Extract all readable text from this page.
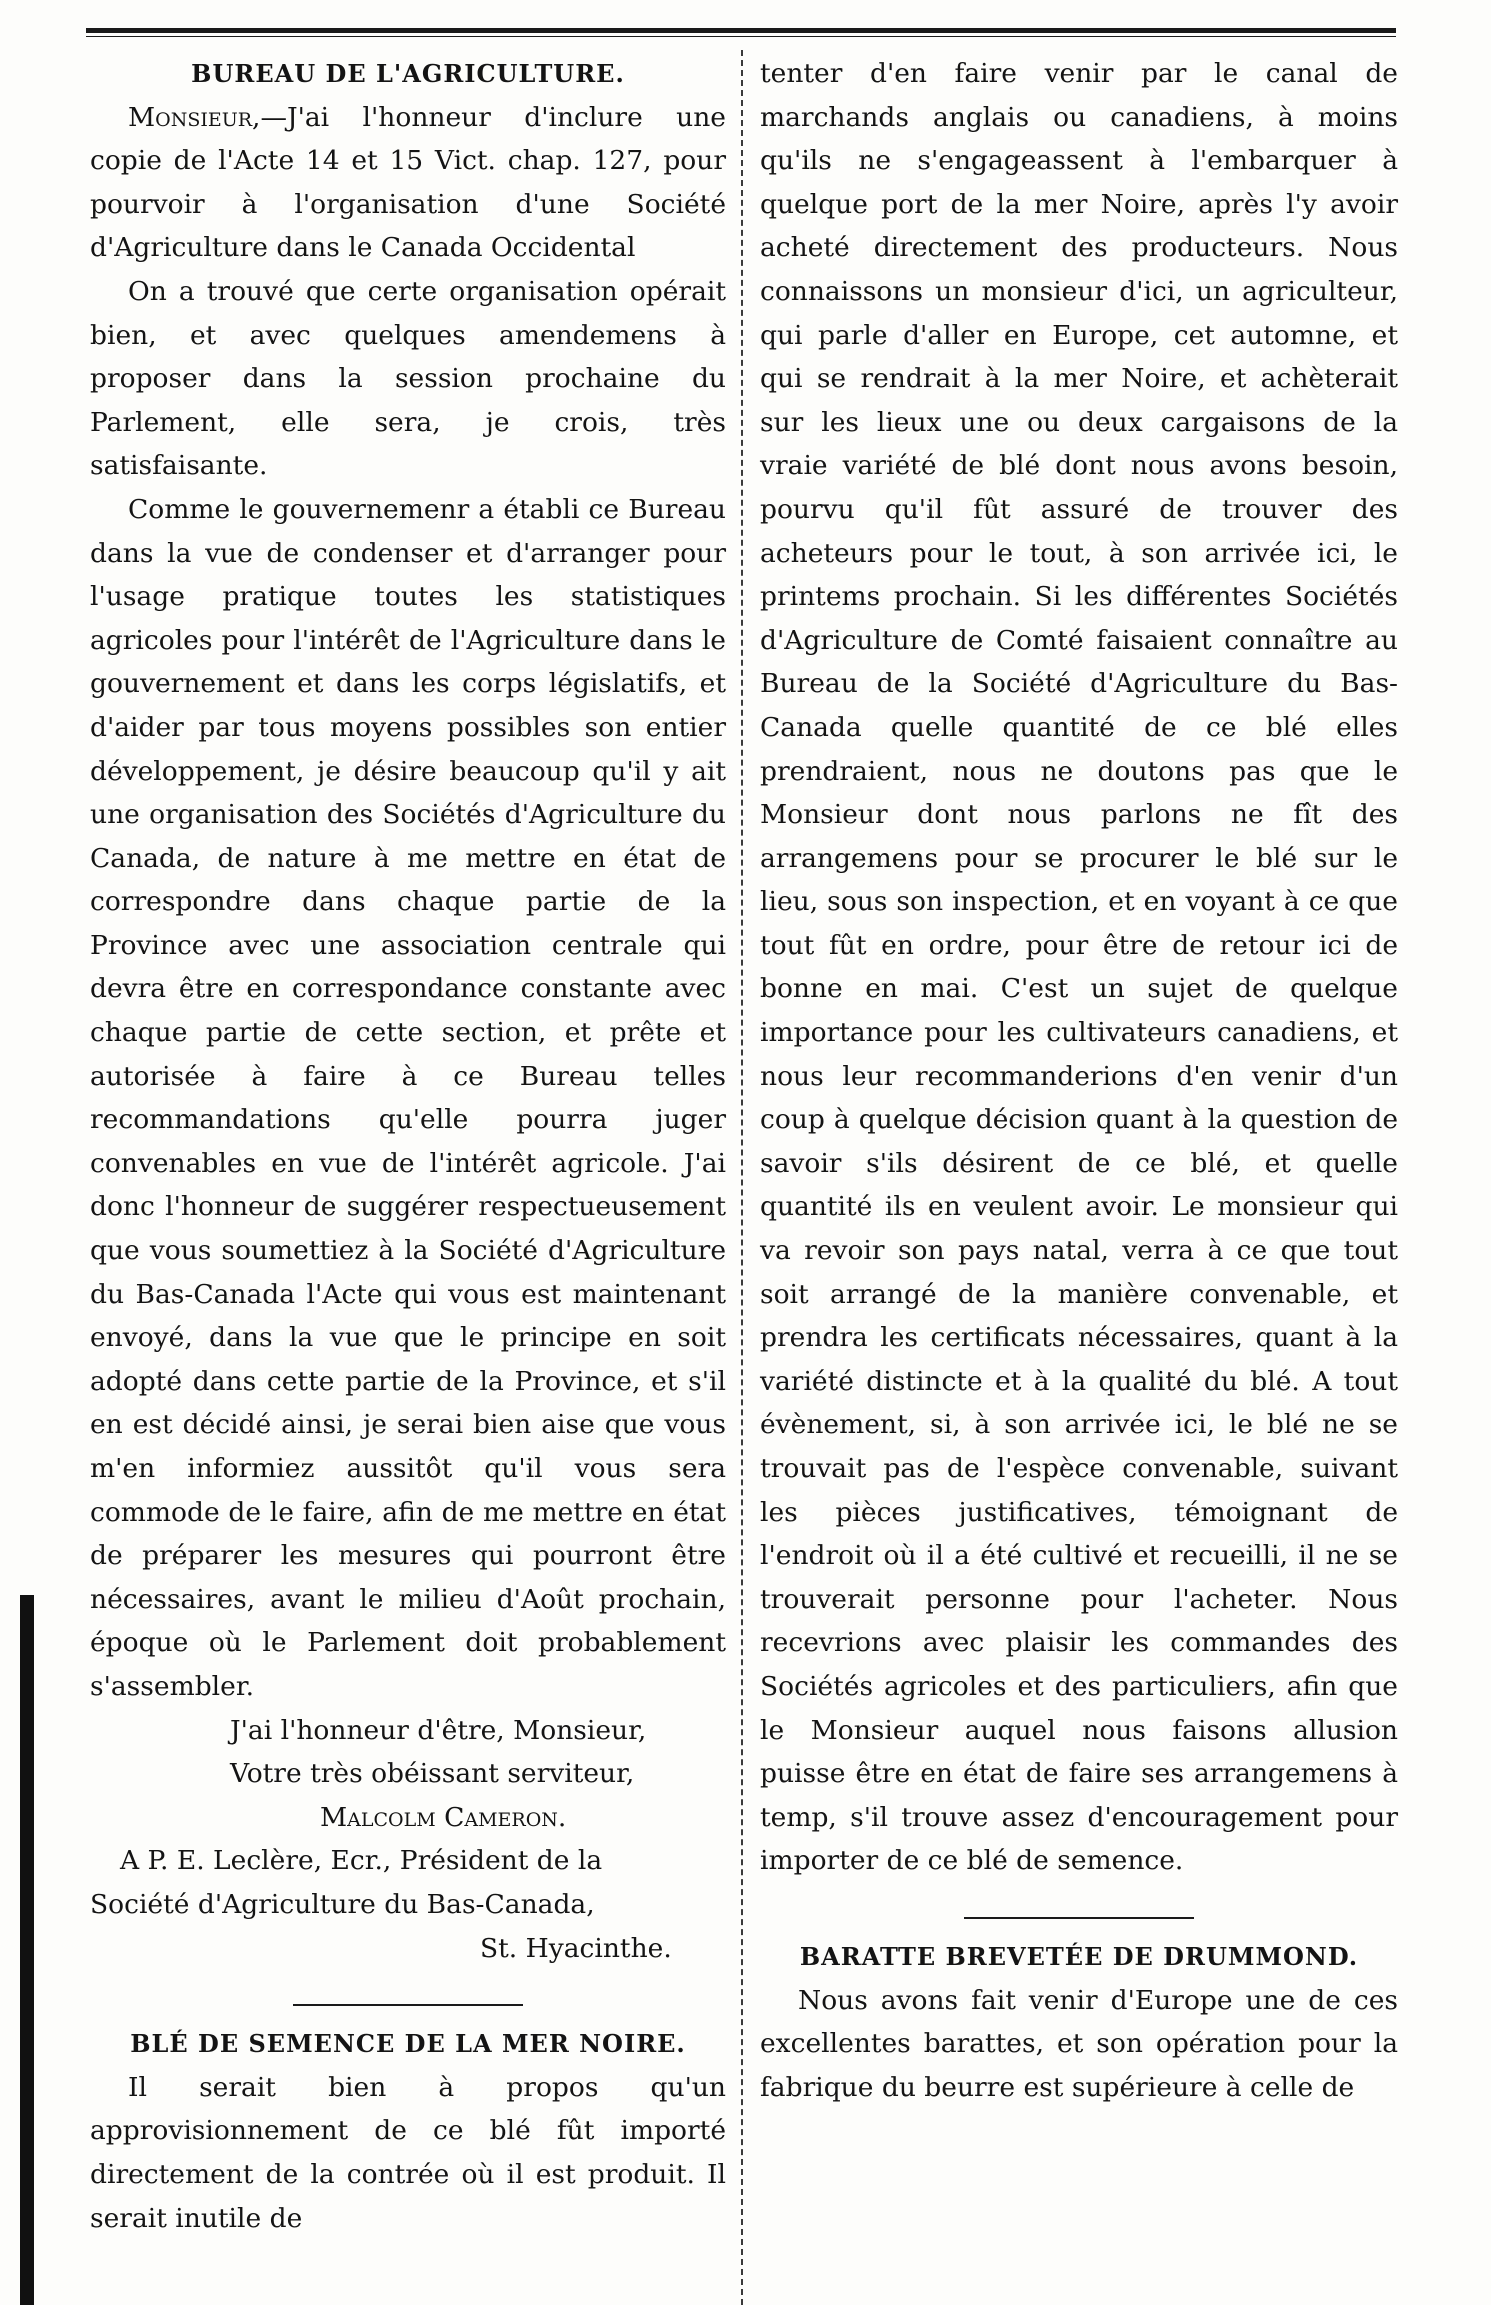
BUREAU DE L'AGRICULTURE.

Monsieur,—J'ai l'honneur d'inclure une copie de l'Acte 14 et 15 Vict. chap. 127, pour pourvoir à l'organisation d'une Société d'Agriculture dans le Canada Occidental

On a trouvé que certe organisation opérait bien, et avec quelques amendemens à proposer dans la session prochaine du Parlement, elle sera, je crois, très satisfaisante.

Comme le gouvernemenr a établi ce Bureau dans la vue de condenser et d'arranger pour l'usage pratique toutes les statistiques agricoles pour l'intérêt de l'Agriculture dans le gouvernement et dans les corps législatifs, et d'aider par tous moyens possibles son entier développement, je désire beaucoup qu'il y ait une organisation des Sociétés d'Agriculture du Canada, de nature à me mettre en état de correspondre dans chaque partie de la Province avec une association centrale qui devra être en correspondance constante avec chaque partie de cette section, et prête et autorisée à faire à ce Bureau telles recommandations qu'elle pourra juger convenables en vue de l'intérêt agricole. J'ai donc l'honneur de suggérer respectueusement que vous soumettiez à la Société d'Agriculture du Bas-Canada l'Acte qui vous est maintenant envoyé, dans la vue que le principe en soit adopté dans cette partie de la Province, et s'il en est décidé ainsi, je serai bien aise que vous m'en informiez aussitôt qu'il vous sera commode de le faire, afin de me mettre en état de préparer les mesures qui pourront être nécessaires, avant le milieu d'Août prochain, époque où le Parlement doit probablement s'assembler.

J'ai l'honneur d'être, Monsieur,
Votre très obéissant serviteur,
Malcolm Cameron.
A P. E. Leclère, Ecr., Président de la
Société d'Agriculture du Bas-Canada,
St. Hyacinthe.
BLÉ DE SEMENCE DE LA MER NOIRE.

Il serait bien à propos qu'un approvisionnement de ce blé fût importé directement de la contrée où il est produit. Il serait inutile de

tenter d'en faire venir par le canal de marchands anglais ou canadiens, à moins qu'ils ne s'engageassent à l'embarquer à quelque port de la mer Noire, après l'y avoir acheté directement des producteurs. Nous connaissons un monsieur d'ici, un agriculteur, qui parle d'aller en Europe, cet automne, et qui se rendrait à la mer Noire, et achèterait sur les lieux une ou deux cargaisons de la vraie variété de blé dont nous avons besoin, pourvu qu'il fût assuré de trouver des acheteurs pour le tout, à son arrivée ici, le printems prochain. Si les différentes Sociétés d'Agriculture de Comté faisaient connaître au Bureau de la Société d'Agriculture du Bas-Canada quelle quantité de ce blé elles prendraient, nous ne doutons pas que le Monsieur dont nous parlons ne fît des arrangemens pour se procurer le blé sur le lieu, sous son inspection, et en voyant à ce que tout fût en ordre, pour être de retour ici de bonne en mai. C'est un sujet de quelque importance pour les cultivateurs canadiens, et nous leur recommanderions d'en venir d'un coup à quelque décision quant à la question de savoir s'ils désirent de ce blé, et quelle quantité ils en veulent avoir. Le monsieur qui va revoir son pays natal, verra à ce que tout soit arrangé de la manière convenable, et prendra les certificats nécessaires, quant à la variété distincte et à la qualité du blé. A tout évènement, si, à son arrivée ici, le blé ne se trouvait pas de l'espèce convenable, suivant les pièces justificatives, témoignant de l'endroit où il a été cultivé et recueilli, il ne se trouverait personne pour l'acheter. Nous recevrions avec plaisir les commandes des Sociétés agricoles et des particuliers, afin que le Monsieur auquel nous faisons allusion puisse être en état de faire ses arrangemens à temp, s'il trouve assez d'encouragement pour importer de ce blé de semence.

BARATTE BREVETÉE DE DRUMMOND.

Nous avons fait venir d'Europe une de ces excellentes barattes, et son opération pour la fabrique du beurre est supérieure à celle de
